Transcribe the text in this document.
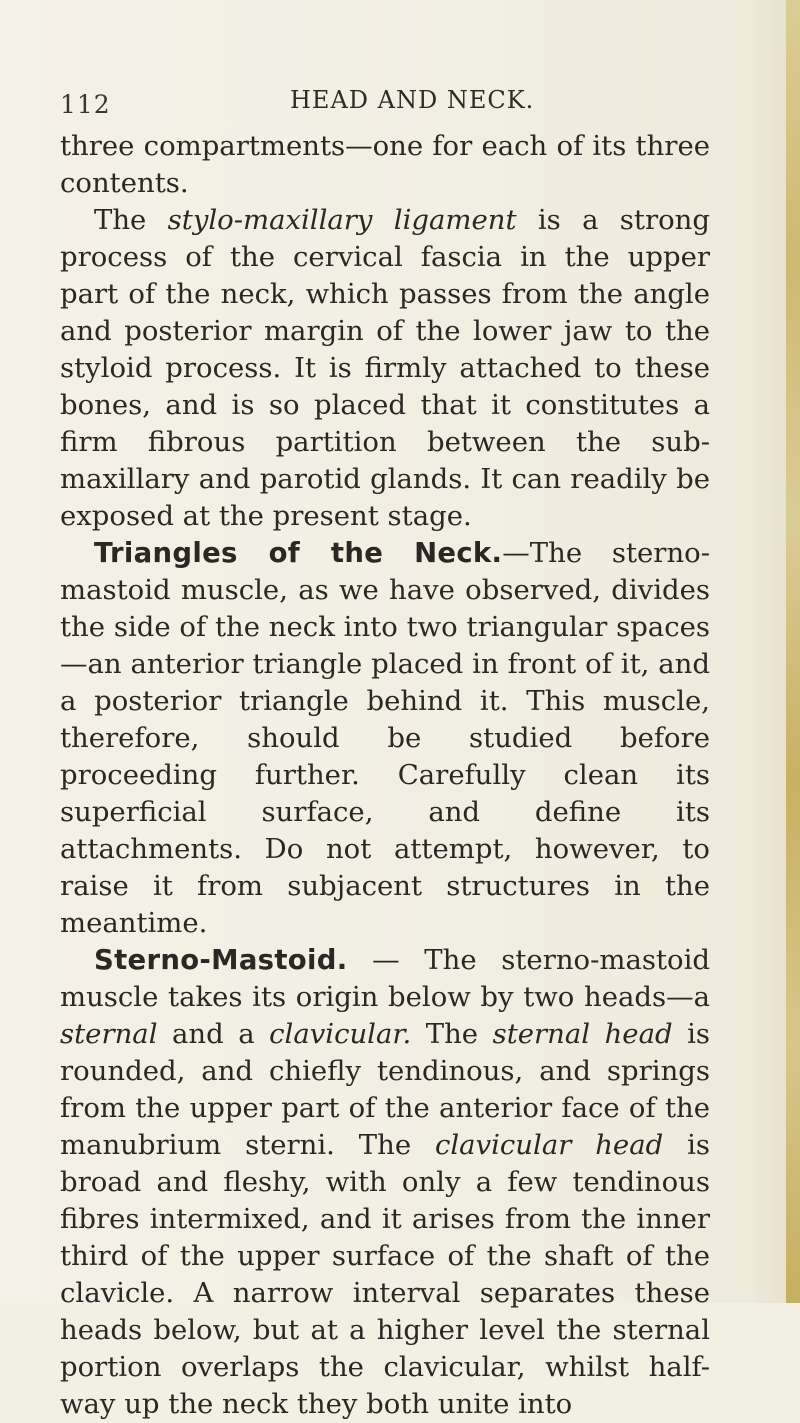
112	HEAD AND NECK.

three compartments—one for each of its three contents.

The stylo-maxillary ligament is a strong process of the cervical fascia in the upper part of the neck, which passes from the angle and posterior margin of the lower jaw to the styloid process. It is firmly attached to these bones, and is so placed that it constitutes a firm fibrous partition between the sub-maxillary and parotid glands. It can readily be exposed at the present stage.

Triangles of the Neck.—The sterno-mastoid muscle, as we have observed, divides the side of the neck into two triangular spaces—an anterior triangle placed in front of it, and a posterior triangle behind it. This muscle, therefore, should be studied before proceeding further. Carefully clean its superficial surface, and define its attachments. Do not attempt, however, to raise it from subjacent structures in the meantime.

Sterno-Mastoid. — The sterno-mastoid muscle takes its origin below by two heads—a sternal and a clavicular. The sternal head is rounded, and chiefly tendinous, and springs from the upper part of the anterior face of the manubrium sterni. The clavicular head is broad and fleshy, with only a few tendinous fibres intermixed, and it arises from the inner third of the upper surface of the shaft of the clavicle. A narrow interval separates these heads below, but at a higher level the sternal portion overlaps the clavicular, whilst half-way up the neck they both unite into
